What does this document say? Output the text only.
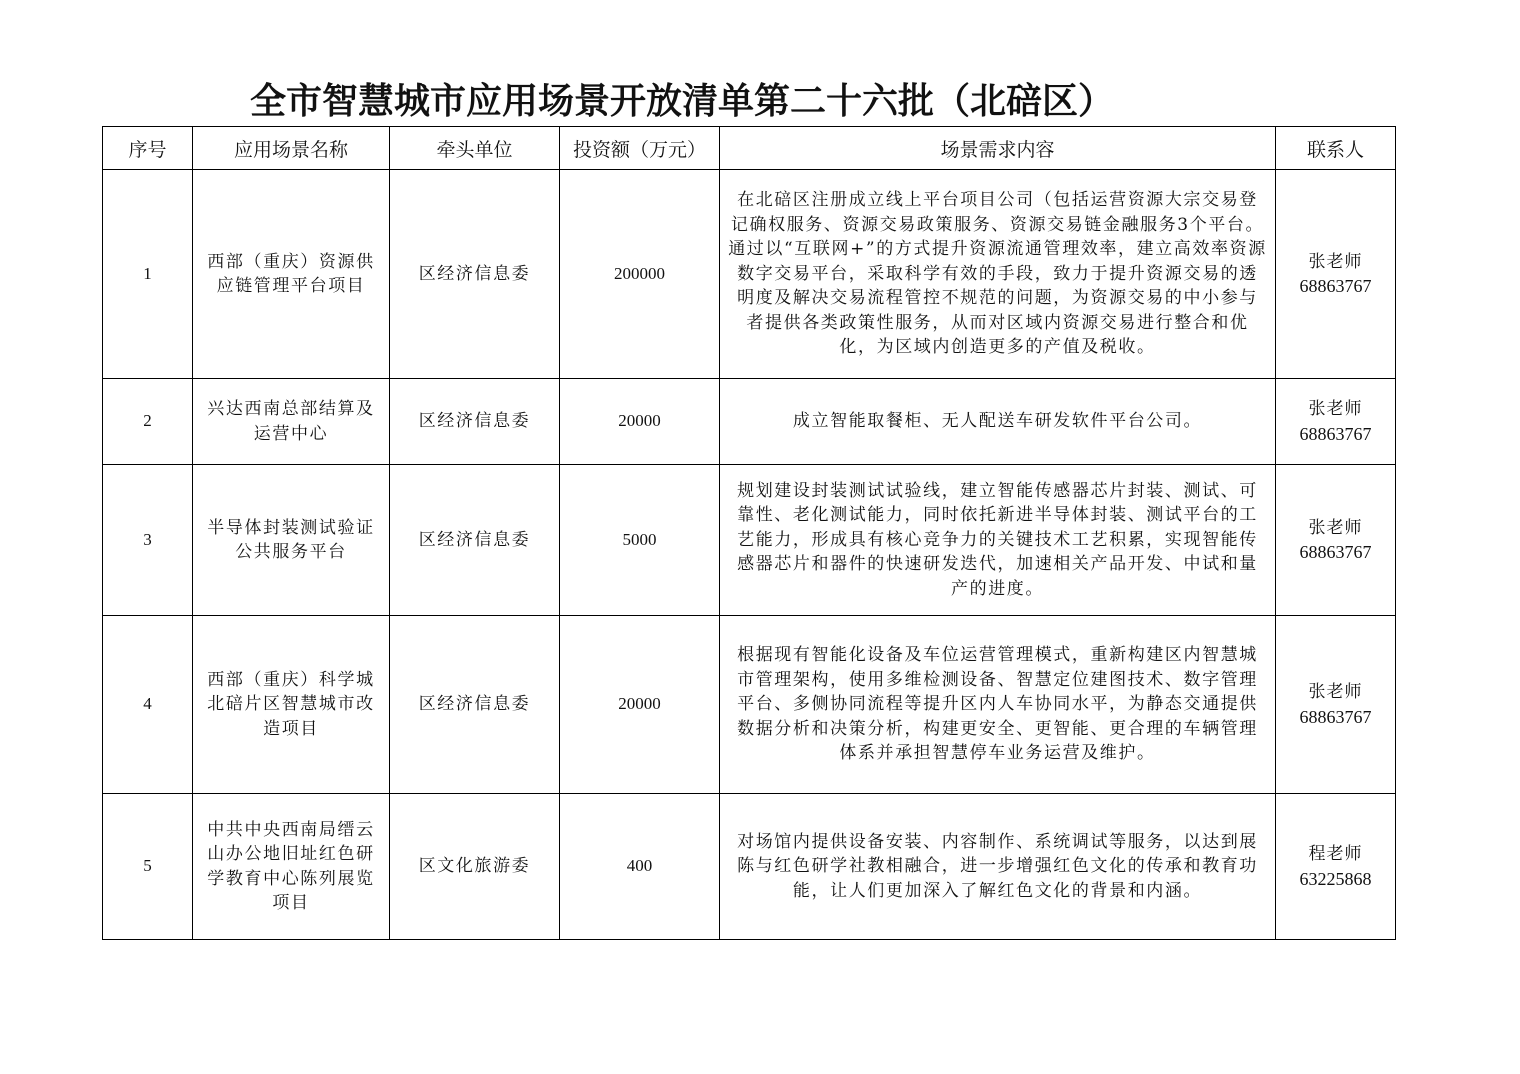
全市智慧城市应用场景开放清单第二十六批（北碚区）
序号	应用场景名称	牵头单位	投资额（万元）	场景需求内容	联系人
1	西部（重庆）资源供应链管理平台项目	区经济信息委	200000	在北碚区注册成立线上平台项目公司（包括运营资源大宗交易登记确权服务、资源交易政策服务、资源交易链金融服务3个平台。通过以“互联网+”的方式提升资源流通管理效率，建立高效率资源数字交易平台，采取科学有效的手段，致力于提升资源交易的透明度及解决交易流程管控不规范的问题，为资源交易的中小参与者提供各类政策性服务，从而对区域内资源交易进行整合和优化，为区域内创造更多的产值及税收。	张老师
68863767

2	兴达西南总部结算及运营中心	区经济信息委	20000	成立智能取餐柜、无人配送车研发软件平台公司。	张老师
68863767

3	半导体封装测试验证公共服务平台	区经济信息委	5000	规划建设封装测试试验线，建立智能传感器芯片封装、测试、可靠性、老化测试能力，同时依托新进半导体封装、测试平台的工艺能力，形成具有核心竞争力的关键技术工艺积累，实现智能传感器芯片和器件的快速研发迭代，加速相关产品开发、中试和量产的进度。	张老师
68863767

4	西部（重庆）科学城北碚片区智慧城市改造项目	区经济信息委	20000	根据现有智能化设备及车位运营管理模式，重新构建区内智慧城市管理架构，使用多维检测设备、智慧定位建图技术、数字管理平台、多侧协同流程等提升区内人车协同水平，为静态交通提供数据分析和决策分析，构建更安全、更智能、更合理的车辆管理体系并承担智慧停车业务运营及维护。	张老师
68863767

5	中共中央西南局缙云山办公地旧址红色研学教育中心陈列展览项目	区文化旅游委	400	对场馆内提供设备安装、内容制作、系统调试等服务，以达到展陈与红色研学社教相融合，进一步增强红色文化的传承和教育功能，让人们更加深入了解红色文化的背景和内涵。	程老师
63225868
